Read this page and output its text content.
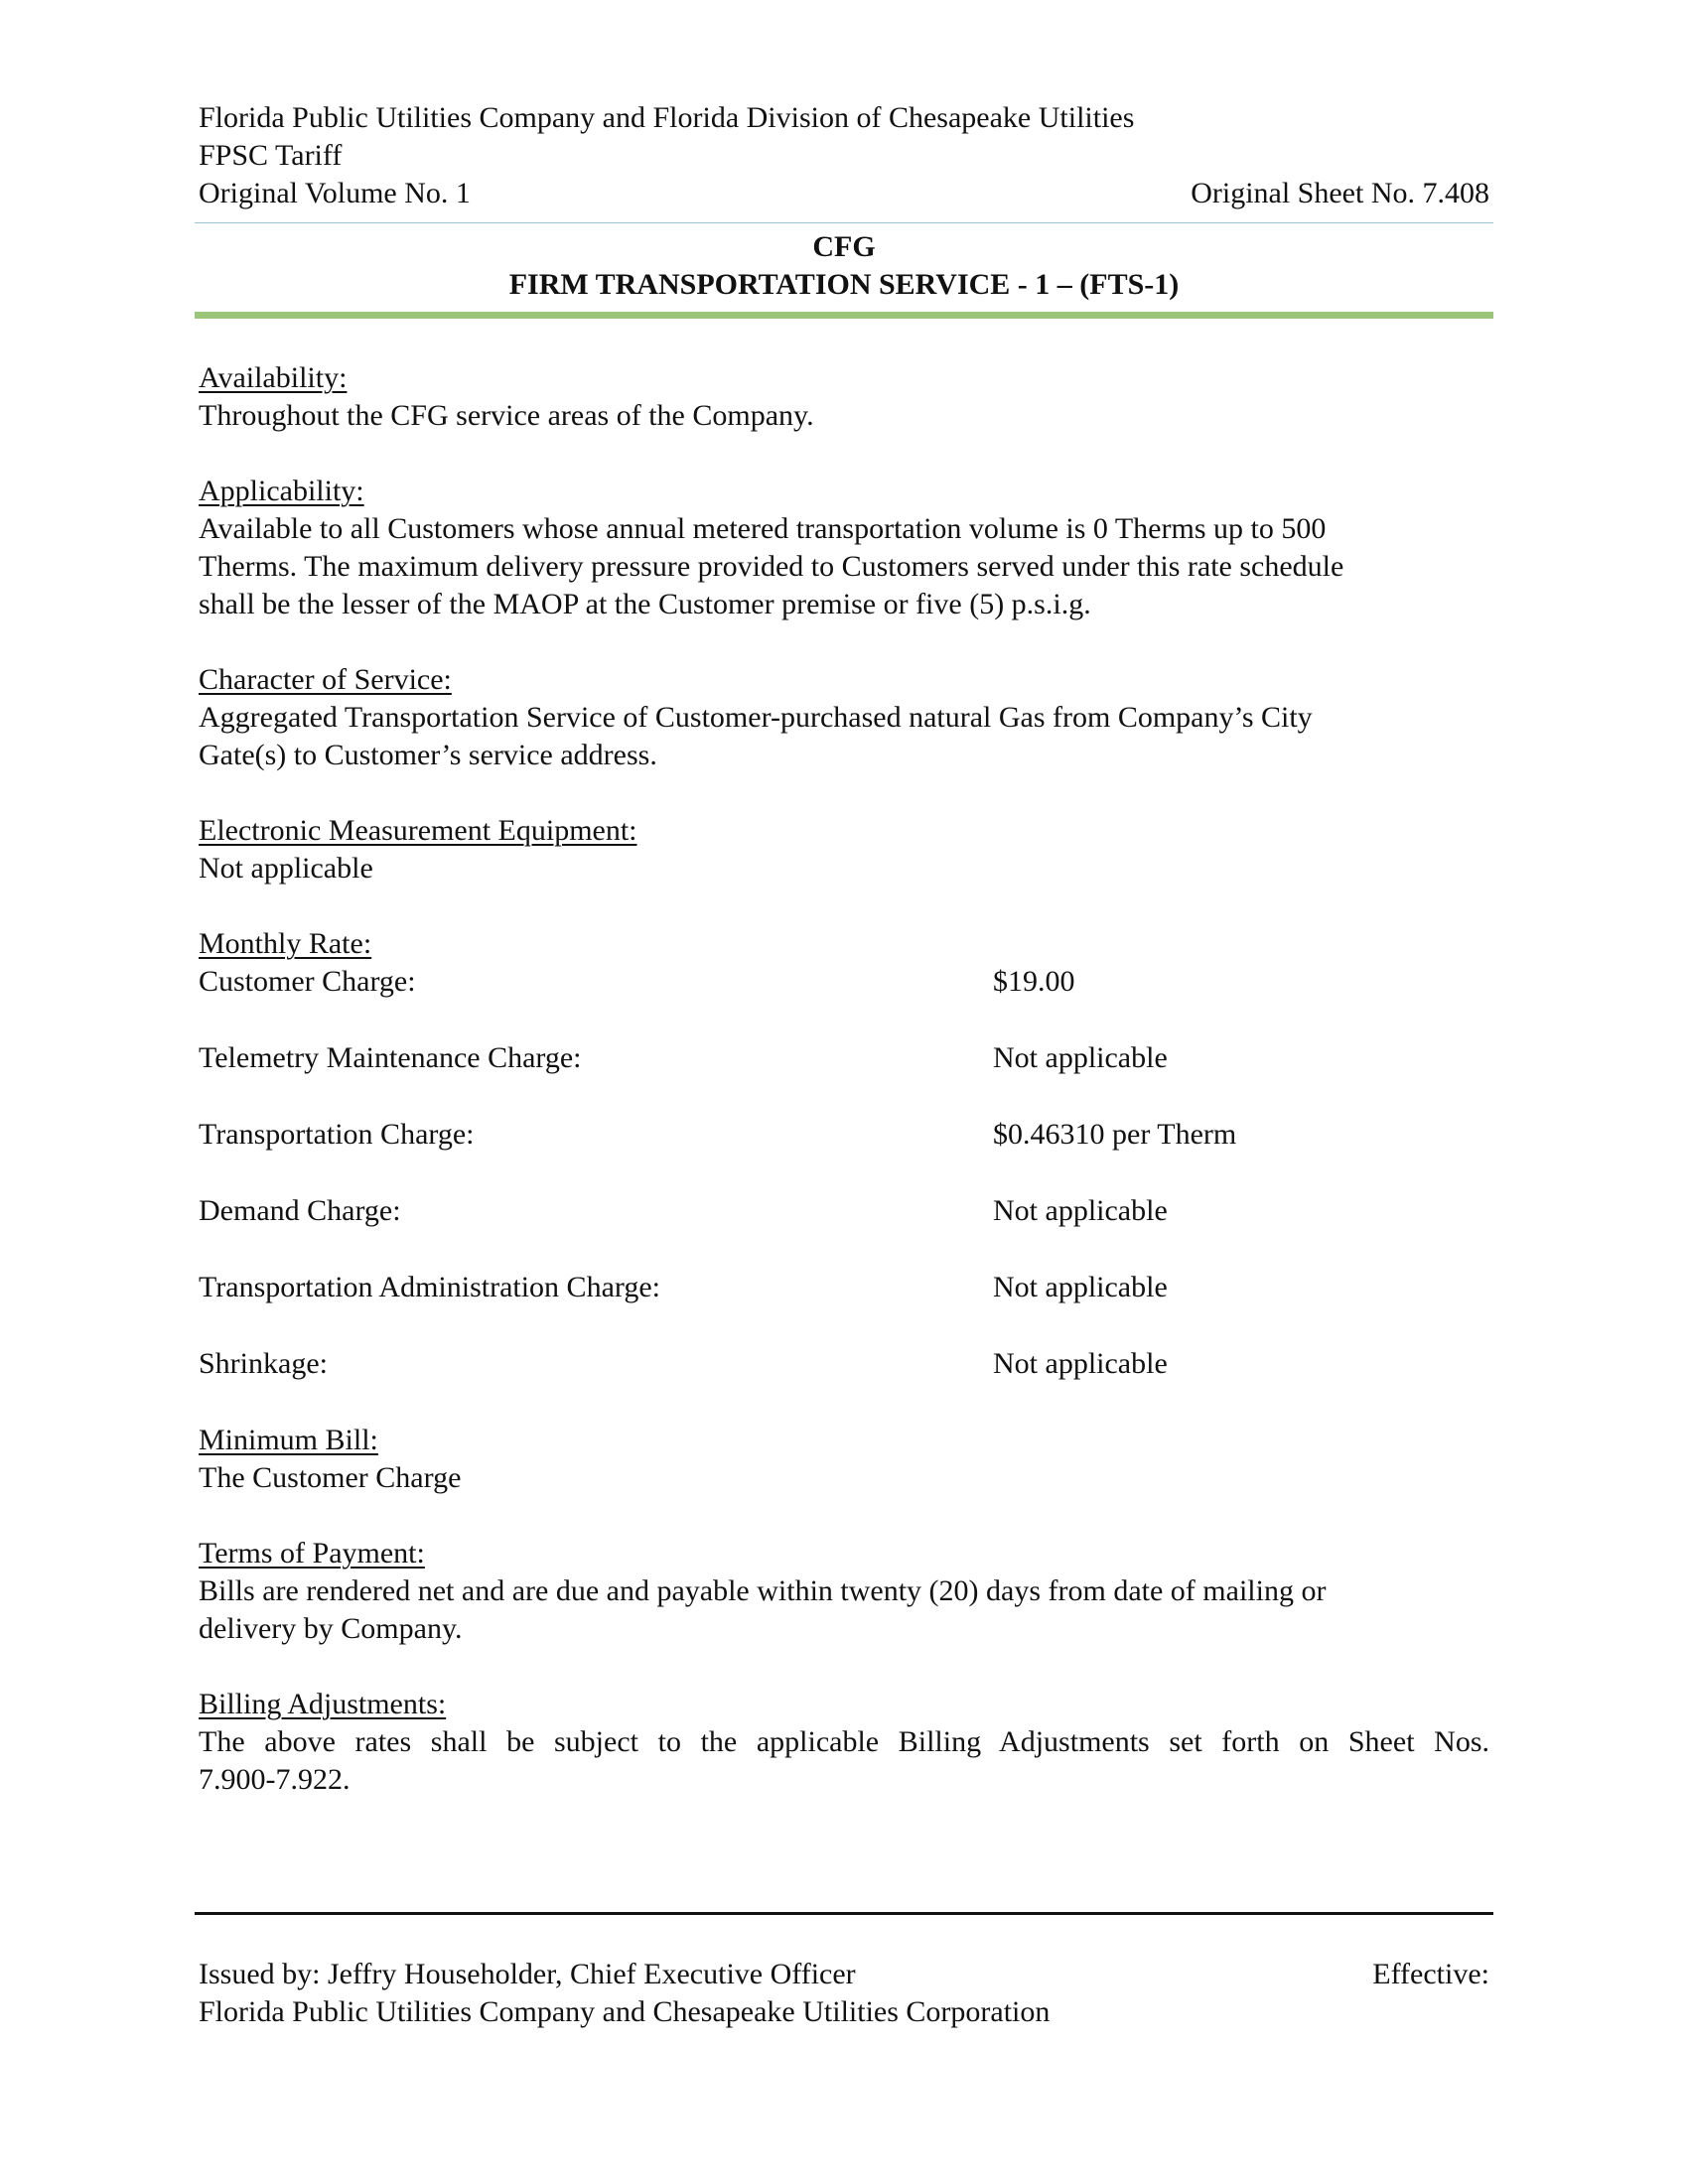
Florida Public Utilities Company and Florida Division of Chesapeake Utilities
FPSC Tariff
Original Volume No. 1	Original Sheet No. 7.408
CFG
FIRM TRANSPORTATION SERVICE - 1 – (FTS-1)
Availability:
Throughout the CFG service areas of the Company.
Applicability:
Available to all Customers whose annual metered transportation volume is 0 Therms up to 500
Therms. The maximum delivery pressure provided to Customers served under this rate schedule
shall be the lesser of the MAOP at the Customer premise or five (5) p.s.i.g.
Character of Service:
Aggregated Transportation Service of Customer-purchased natural Gas from Company’s City
Gate(s) to Customer’s service address.
Electronic Measurement Equipment:
Not applicable
Monthly Rate:
Customer Charge:	$19.00
Telemetry Maintenance Charge:	Not applicable
Transportation Charge:	$0.46310 per Therm
Demand Charge:	Not applicable
Transportation Administration Charge:	Not applicable
Shrinkage:	Not applicable
Minimum Bill:
The Customer Charge
Terms of Payment:
Bills are rendered net and are due and payable within twenty (20) days from date of mailing or
delivery by Company.
Billing Adjustments:
The above rates shall be subject to the applicable Billing Adjustments set forth on Sheet Nos.
7.900-7.922.
Issued by: Jeffry Householder, Chief Executive Officer	Effective:
Florida Public Utilities Company and Chesapeake Utilities Corporation
